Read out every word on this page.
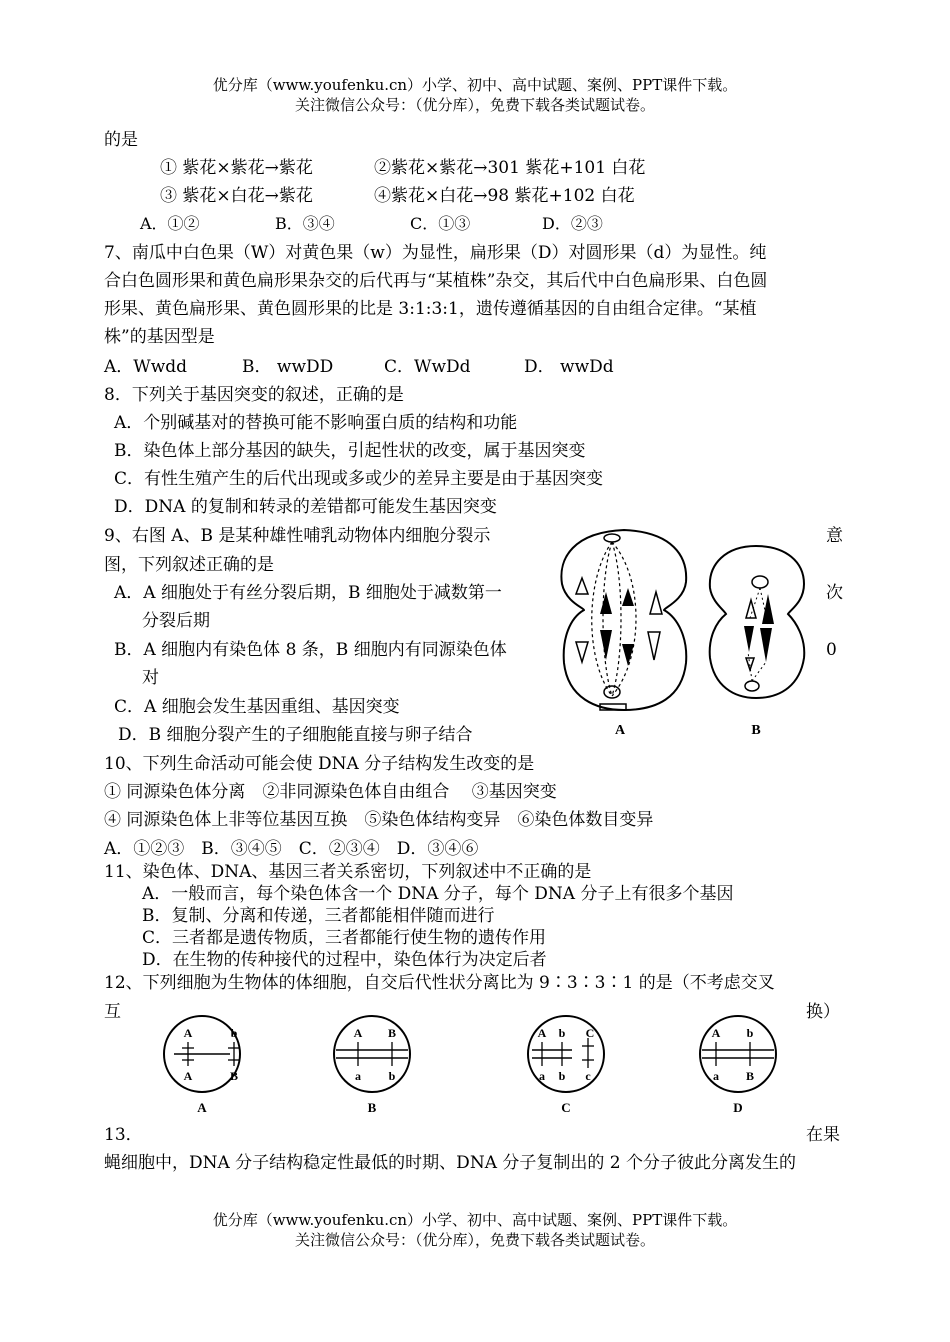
优分库（www.youfenku.cn）小学、初中、高中试题、案例、PPT课件下载。
关注微信公众号：（优分库），免费下载各类试题试卷。
的是
① 紫花×紫花→紫花	②紫花×紫花→301 紫花+101 白花
③ 紫花×白花→紫花	④紫花×白花→98 紫花+102 白花
A．①②	B．③④	C．①③	D．②③
7、南瓜中白色果（W）对黄色果（w）为显性，扁形果（D）对圆形果（d）为显性。纯
合白色圆形果和黄色扁形果杂交的后代再与“某植株”杂交，其后代中白色扁形果、白色圆
形果、黄色扁形果、黄色圆形果的比是 3:1:3:1，遗传遵循基因的自由组合定律。“某植
株”的基因型是
A．Wwdd	B． wwDD	C．WwDd	D． wwDd
8．下列关于基因突变的叙述，正确的是
A．个别碱基对的替换可能不影响蛋白质的结构和功能
B．染色体上部分基因的缺失，引起性状的改变，属于基因突变
C．有性生殖产生的后代出现或多或少的差异主要是由于基因突变
D．DNA 的复制和转录的差错都可能发生基因突变
9、右图 A、B 是某种雄性哺乳动物体内细胞分裂示	意
图，下列叙述正确的是
A．A 细胞处于有丝分裂后期，B 细胞处于减数第一	次
分裂后期
B．A 细胞内有染色体 8 条，B 细胞内有同源染色体	0
对
C．A 细胞会发生基因重组、基因突变
D．B 细胞分裂产生的子细胞能直接与卵子结合	A	B
10、下列生命活动可能会使 DNA 分子结构发生改变的是
① 同源染色体分离　②非同源染色体自由组合　 ③基因突变
④ 同源染色体上非等位基因互换　⑤染色体结构变异　⑥染色体数目变异
A．①②③　B．③④⑤　C．②③④　D．③④⑥
11、染色体、DNA、基因三者关系密切，下列叙述中不正确的是
A．一般而言，每个染色体含一个 DNA 分子，每个 DNA 分子上有很多个基因
B．复制、分离和传递，三者都能相伴随而进行
C．三者都是遗传物质，三者都能行使生物的遗传作用
D．在生物的传种接代的过程中，染色体行为决定后者
12、下列细胞为生物体的体细胞，自交后代性状分离比为 9∶3∶3∶1 的是（不考虑交叉
互	换）
A	b
A	B
A
A B
a b
B
A b C
a b c
C
A b
a B
D
13．	在果
蝇细胞中，DNA 分子结构稳定性最低的时期、DNA 分子复制出的 2 个分子彼此分离发生的
优分库（www.youfenku.cn）小学、初中、高中试题、案例、PPT课件下载。
关注微信公众号：（优分库），免费下载各类试题试卷。
